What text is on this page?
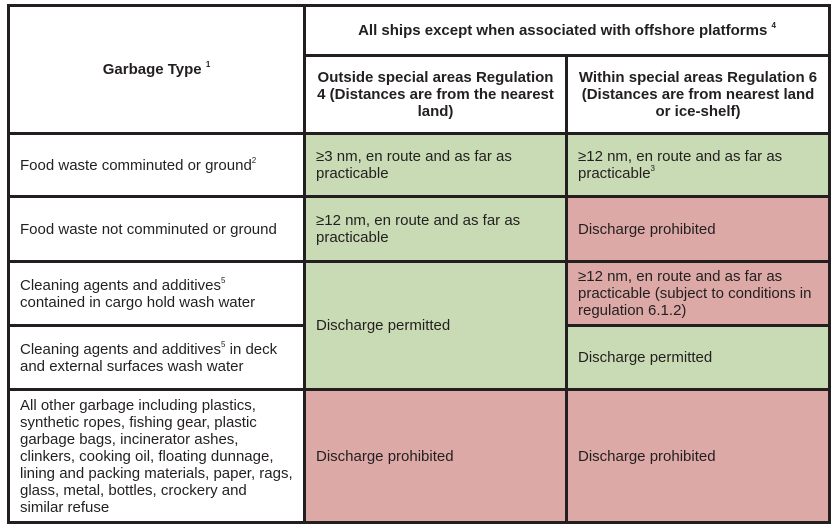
Garbage Type $^1$	All ships except when associated with offshore platforms $^4$
	Outside special areas Regulation 4 (Distances are from the nearest land)	Within special areas Regulation 6 (Distances are from nearest land or ice-shelf)
Food waste comminuted or ground$^2$	≥3 nm, en route and as far as practicable	≥12 nm, en route and as far as practicable$^3$
Food waste not comminuted or ground	≥12 nm, en route and as far as practicable	Discharge prohibited
Cleaning agents and additives$^5$ contained in cargo hold wash water	Discharge permitted	≥12 nm, en route and as far as practicable (subject to conditions in regulation 6.1.2)
Cleaning agents and additives$^5$ in deck and external surfaces wash water		Discharge permitted
All other garbage including plastics, synthetic ropes, fishing gear, plastic garbage bags, incinerator ashes, clinkers, cooking oil, floating dunnage, lining and packing materials, paper, rags, glass, metal, bottles, crockery and similar refuse	Discharge prohibited	Discharge prohibited
